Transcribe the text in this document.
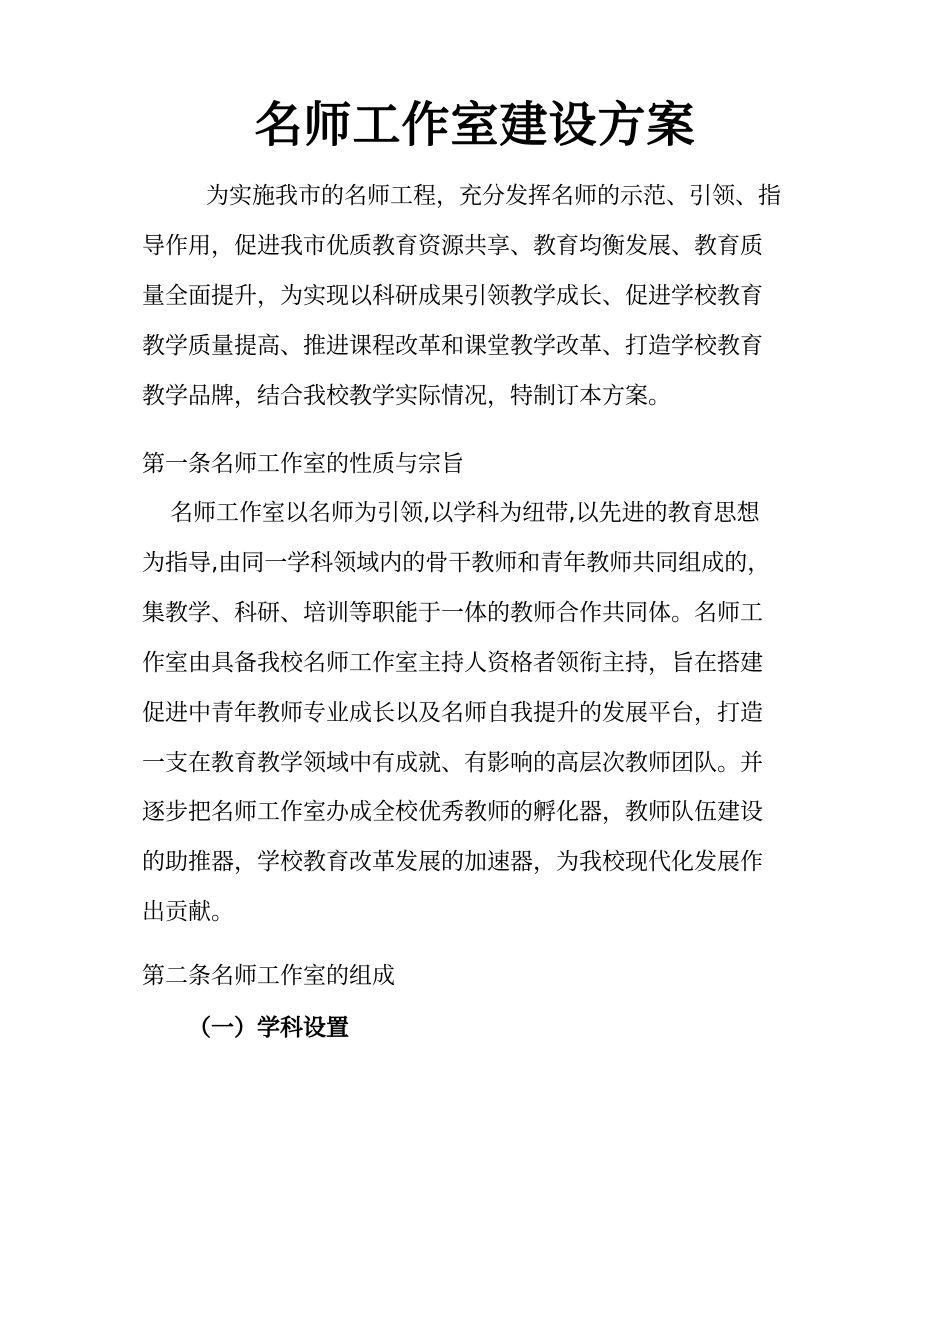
名师工作室建设方案
为实施我市的名师工程，充分发挥名师的示范、引领、指
导作用，促进我市优质教育资源共享、教育均衡发展、教育质
量全面提升，为实现以科研成果引领教学成长、促进学校教育
教学质量提高、推进课程改革和课堂教学改革、打造学校教育
教学品牌，结合我校教学实际情况，特制订本方案。
第一条名师工作室的性质与宗旨
名师工作室以名师为引领,以学科为纽带,以先进的教育思想
为指导,由同一学科领域内的骨干教师和青年教师共同组成的，
集教学、科研、培训等职能于一体的教师合作共同体。名师工
作室由具备我校名师工作室主持人资格者领衔主持，旨在搭建
促进中青年教师专业成长以及名师自我提升的发展平台，打造
一支在教育教学领域中有成就、有影响的高层次教师团队。并
逐步把名师工作室办成全校优秀教师的孵化器，教师队伍建设
的助推器，学校教育改革发展的加速器，为我校现代化发展作
出贡献。
第二条名师工作室的组成
（一）学科设置
